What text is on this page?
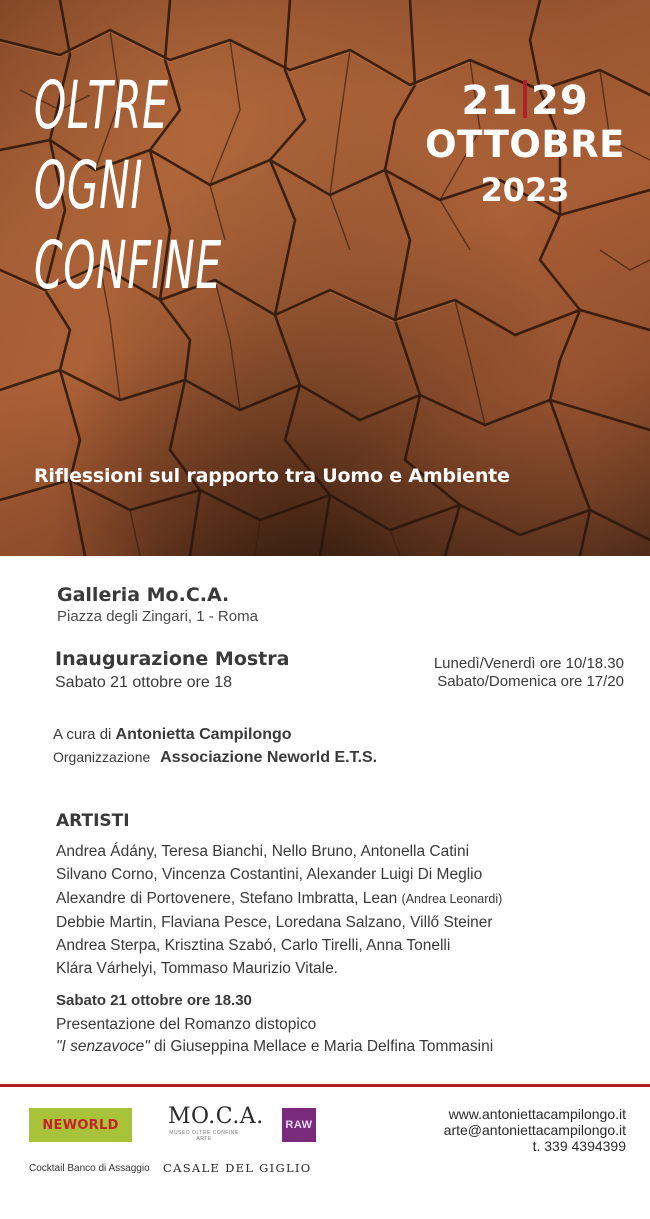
OLTRE
OGNI
CONFINE
21 29
OTTOBRE
2023
Riflessioni sul rapporto tra Uomo e Ambiente
Galleria Mo.C.A.
Piazza degli Zingari, 1 - Roma
Inaugurazione Mostra
Sabato 21 ottobre ore 18
Lunedì/Venerdì ore 10/18.30
Sabato/Domenica ore 17/20
A cura di Antonietta Campilongo
Organizzazione Associazione Neworld E.T.S.
ARTISTI
Andrea Ádány, Teresa Bianchi, Nello Bruno, Antonella Catini
Silvano Corno, Vincenza Costantini, Alexander Luigi Di Meglio
Alexandre di Portovenere, Stefano Imbratta, Lean (Andrea Leonardi)
Debbie Martin, Flaviana Pesce, Loredana Salzano, Villő Steiner
Andrea Sterpa, Krisztina Szabó, Carlo Tirelli, Anna Tonelli
Klára Várhelyi, Tommaso Maurizio Vitale.
Sabato 21 ottobre ore 18.30
Presentazione del Romanzo distopico
"I senzavoce" di Giuseppina Mellace e Maria Delfina Tommasini
NEWORLD MO.C.A.
MUSEO OLTRE CONFINE ARTE
RAW
www.antoniettacampilongo.it
arte@antoniettacampilongo.it
t. 339 4394399
Cocktail Banco di Assaggio CASALE DEL GIGLIO
